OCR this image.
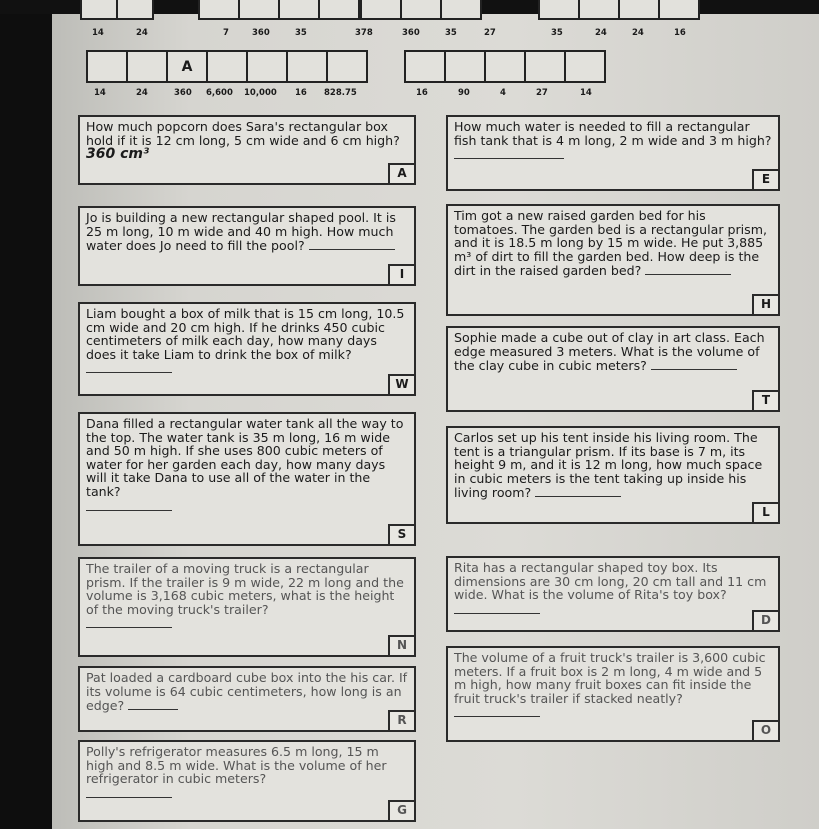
14	24	7	360	35	378	360	35	27	35	24	24	16
A
14	24	360 6,600 10,000 16 828.75	16	90	4	27	14
How much popcorn does Sara's rectangular box hold if it is 12 cm long, 5 cm wide and 6 cm high? 360 cm³
A
Jo is building a new rectangular shaped pool. It is 25 m long, 10 m wide and 40 m high. How much water does Jo need to fill the pool?
I
Liam bought a box of milk that is 15 cm long, 10.5 cm wide and 20 cm high. If he drinks 450 cubic centimeters of milk each day, how many days does it take Liam to drink the box of milk?
W
Dana filled a rectangular water tank all the way to the top. The water tank is 35 m long, 16 m wide and 50 m high. If she uses 800 cubic meters of water for her garden each day, how many days will it take Dana to use all of the water in the tank?

S
The trailer of a moving truck is a rectangular prism. If the trailer is 9 m wide, 22 m long and the volume is 3,168 cubic meters, what is the height of the moving truck's trailer?

N
Pat loaded a cardboard cube box into the his car. If its volume is 64 cubic centimeters, how long is an edge?
R
Polly's refrigerator measures 6.5 m long, 15 m high and 8.5 m wide. What is the volume of her refrigerator in cubic meters?

G
How much water is needed to fill a rectangular fish tank that is 4 m long, 2 m wide and 3 m high?

E
Tim got a new raised garden bed for his tomatoes. The garden bed is a rectangular prism, and it is 18.5 m long by 15 m wide. He put 3,885 m³ of dirt to fill the garden bed. How deep is the dirt in the raised garden bed?
H
Sophie made a cube out of clay in art class. Each edge measured 3 meters. What is the volume of the clay cube in cubic meters?
T
Carlos set up his tent inside his living room. The tent is a triangular prism. If its base is 7 m, its height 9 m, and it is 12 m long, how much space in cubic meters is the tent taking up inside his living room?
L
Rita has a rectangular shaped toy box. Its dimensions are 30 cm long, 20 cm tall and 11 cm wide. What is the volume of Rita's toy box?
D
The volume of a fruit truck's trailer is 3,600 cubic meters. If a fruit box is 2 m long, 4 m wide and 5 m high, how many fruit boxes can fit inside the fruit truck's trailer if stacked neatly?
O
